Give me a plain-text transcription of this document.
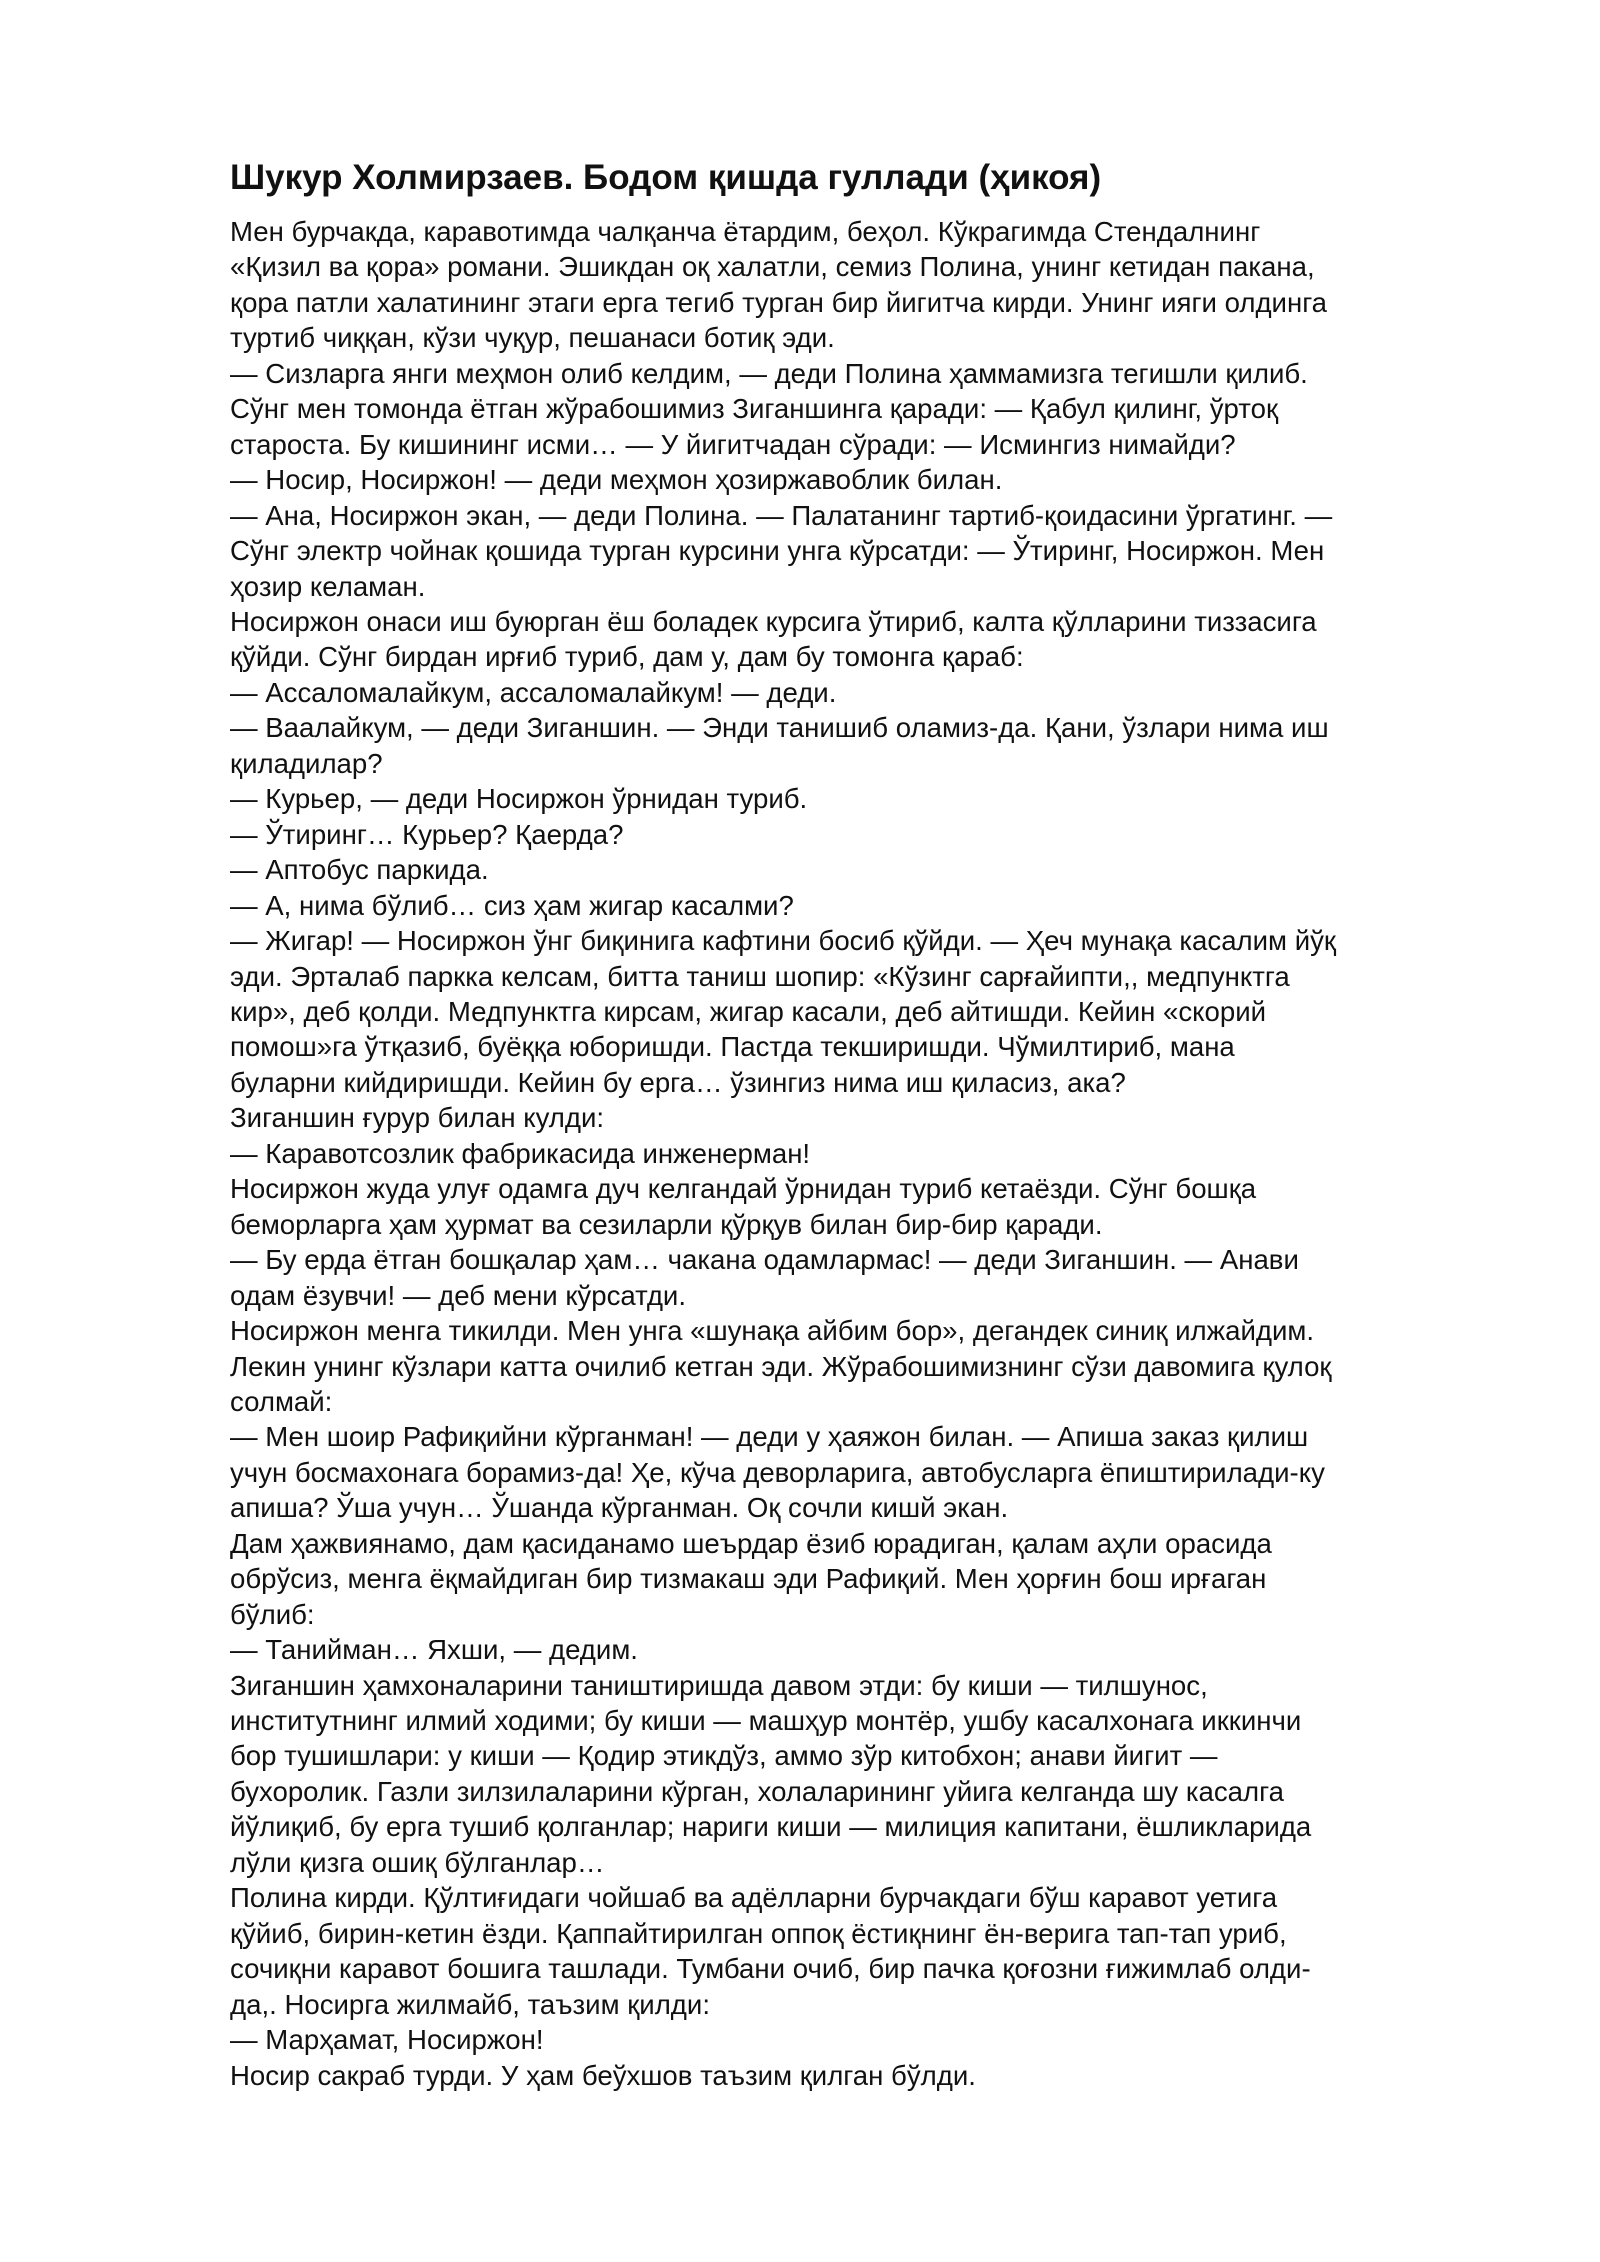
Шукур Холмирзаев. Бодом қишда гуллади (ҳикоя)
Мен бурчакда, каравотимда чалқанча ётардим, беҳол. Кўкрагимда Стендалнинг
«Қизил ва қора» романи. Эшикдан оқ халатли, семиз Полина, унинг кетидан пакана,
қора патли халатининг этаги ерга тегиб турган бир йигитча кирди. Унинг ияги олдинга
туртиб чиққан, кўзи чуқур, пешанаси ботиқ эди.
— Сизларга янги меҳмон олиб келдим, — деди Полина ҳаммамизга тегишли қилиб.
Сўнг мен томонда ётган жўрабошимиз Зиганшинга қаради: — Қабул қилинг, ўртоқ
староста. Бу кишининг исми… — У йигитчадан сўради: — Исмингиз нимайди?
— Носир, Носиржон! — деди меҳмон ҳозиржавоблик билан.
— Ана, Носиржон экан, — деди Полина. — Палатанинг тартиб-қоидасини ўргатинг. —
Сўнг электр чойнак қошида турган курсини унга кўрсатди: — Ўтиринг, Носиржон. Мен
ҳозир келаман.
Носиржон онаси иш буюрган ёш боладек курсига ўтириб, калта қўлларини тиззасига
қўйди. Сўнг бирдан ирғиб туриб, дам у, дам бу томонга қараб:
— Ассаломалайкум, ассаломалайкум! — деди.
— Ваалайкум, — деди Зиганшин. — Энди танишиб оламиз-да. Қани, ўзлари нима иш
қиладилар?
— Курьер, — деди Носиржон ўрнидан туриб.
— Ўтиринг… Курьер? Қаерда?
— Аптобус паркида.
— А, нима бўлиб… сиз ҳам жигар касалми?
— Жигар! — Носиржон ўнг биқинига кафтини босиб қўйди. — Ҳеч мунақа касалим йўқ
эди. Эрталаб паркка келсам, битта таниш шопир: «Кўзинг сарғайипти,, медпунктга
кир», деб қолди. Медпунктга кирсам, жигар касали, деб айтишди. Кейин «скорий
помош»га ўтқазиб, буёққа юборишди. Пастда текширишди. Чўмилтириб, мана
буларни кийдиришди. Кейин бу ерга… ўзингиз нима иш қиласиз, ака?
Зиганшин ғурур билан кулди:
— Каравотсозлик фабрикасида инженерман!
Носиржон жуда улуғ одамга дуч келгандай ўрнидан туриб кетаёзди. Сўнг бошқа
беморларга ҳам ҳурмат ва сезиларли қўрқув билан бир-бир қаради.
— Бу ерда ётган бошқалар ҳам… чакана одамлармас! — деди Зиганшин. — Анави
одам ёзувчи! — деб мени кўрсатди.
Носиржон менга тикилди. Мен унга «шунақа айбим бор», дегандек синиқ илжайдим.
Лекин унинг кўзлари катта очилиб кетган эди. Жўрабошимизнинг сўзи давомига қулоқ
солмай:
— Мен шоир Рафиқийни кўрганман! — деди у ҳаяжон билан. — Апиша заказ қилиш
учун босмахонага борамиз-да! Ҳе, кўча деворларига, автобусларга ёпиштирилади-ку
апиша? Ўша учун… Ўшанда кўрганман. Оқ сочли кишй экан.
Дам ҳажвиянамо, дам қасиданамо шеърдар ёзиб юрадиган, қалам аҳли орасида
обрўсиз, менга ёқмайдиган бир тизмакаш эди Рафиқий. Мен ҳорғин бош ирғаган
бўлиб:
— Танийман… Яхши, — дедим.
Зиганшин ҳамхоналарини таништиришда давом этди: бу киши — тилшунос,
институтнинг илмий ходими; бу киши — машҳур монтёр, ушбу касалхонага иккинчи
бор тушишлари: у киши — Қодир этикдўз, аммо зўр китобхон; анави йигит —
бухоролик. Газли зилзилаларини кўрган, холаларининг уйига келганда шу касалга
йўлиқиб, бу ерга тушиб қолганлар; нариги киши — милиция капитани, ёшликларида
лўли қизга ошиқ бўлганлар…
Полина кирди. Қўлтиғидаги чойшаб ва адёлларни бурчакдаги бўш каравот уетига
қўйиб, бирин-кетин ёзди. Қаппайтирилган оппоқ ёстиқнинг ён-верига тап-тап уриб,
сочиқни каравот бошига ташлади. Тумбани очиб, бир пачка қоғозни ғижимлаб олди-
да,. Носирга жилмайб, таъзим қилди:
— Марҳамат, Носиржон!
Носир сакраб турди. У ҳам беўхшов таъзим қилган бўлди.
